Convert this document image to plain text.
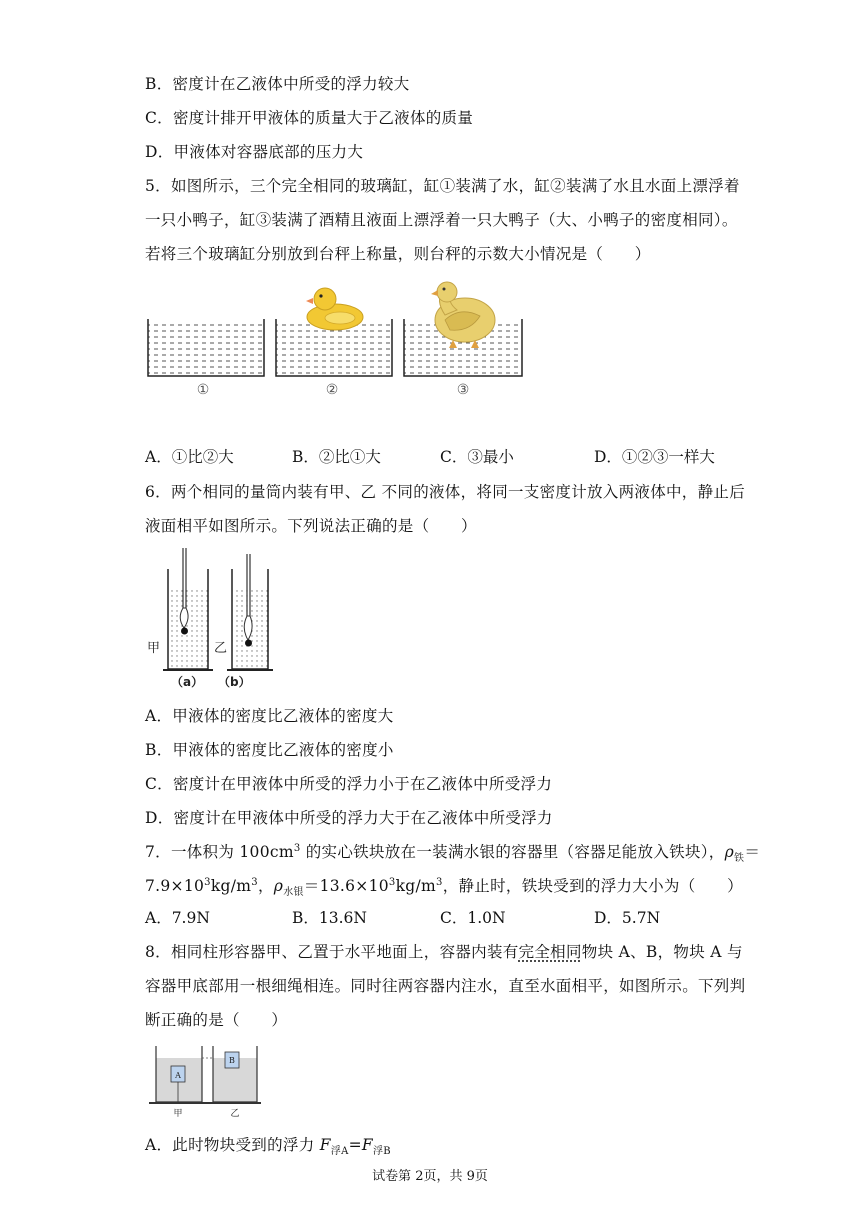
B．密度计在乙液体中所受的浮力较大
C．密度计排开甲液体的质量大于乙液体的质量
D．甲液体对容器底部的压力大
5．如图所示，三个完全相同的玻璃缸，缸①装满了水，缸②装满了水且水面上漂浮着
一只小鸭子，缸③装满了酒精且液面上漂浮着一只大鸭子（大、小鸭子的密度相同）。
若将三个玻璃缸分别放到台秤上称量，则台秤的示数大小情况是（　　）
①	②	③
A．①比②大	B．②比①大	C．③最小	D．①②③一样大
6．两个相同的量筒内装有甲、乙 不同的液体，将同一支密度计放入两液体中，静止后
液面相平如图所示。下列说法正确的是（　　）
甲	乙
（a） （b）
A．甲液体的密度比乙液体的密度大
B．甲液体的密度比乙液体的密度小
C．密度计在甲液体中所受的浮力小于在乙液体中所受浮力
D．密度计在甲液体中所受的浮力大于在乙液体中所受浮力
7．一体积为 $100cm^3$ 的实心铁块放在一装满水银的容器里（容器足能放入铁块），$\rho_铁=$
$7.9\times 10^3kg/m^3$，$\rho_{水银}=13.6\times 10^3kg/m^3$，静止时，铁块受到的浮力大小为（　　）
A．7.9N	B．13.6N	C．1.0N	D．5.7N
8．相同柱形容器甲、乙置于水平地面上，容器内装有完全相同物块 A、B，物块 A 与
容器甲底部用一根细绳相连。同时往两容器内注水，直至水面相平，如图所示。下列判
断正确的是（　　）
A
B
甲	乙
A．此时物块受到的浮力 $F_{浮A}=F_{浮B}$
试卷第 2页，共 9页
